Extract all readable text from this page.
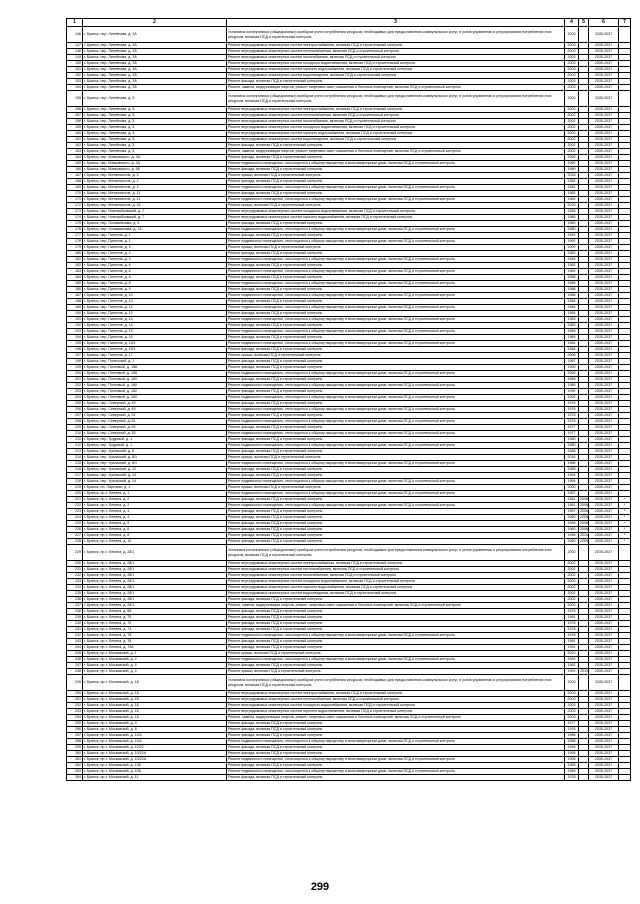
1	2	3	4	5	6	7
146	г. Брянск, пер. Литейнова, д. 3А	Установка коллективных (общедомовых) приборов учета потребления ресурсов, необходимых для предоставления коммунальных услуг, и узлов управления и регулирования потребления этих ресурсов, включая ПСД и строительный контроль	2003		2035-2037	
147	г. Брянск, пер. Литейнова, д. 3А	Ремонт внутридомовых инженерных систем электроснабжения, включая ПСД и строительный контроль	2003		2035-2037	
148	г. Брянск, пер. Литейнова, д. 3А	Ремонт внутридомовых инженерных систем теплоснабжения, включая ПСД и строительный контроль	2003		2035-2037	
149	г. Брянск, пер. Литейнова, д. 3А	Ремонт внутридомовых инженерных систем газоснабжения, включая ПСД и строительный контроль	2003		2035-2037	
150	г. Брянск, пер. Литейнова, д. 3А	Ремонт внутридомовых инженерных систем холодного водоснабжения, включая ПСД и строительный контроль	2003		2035-2037	
151	г. Брянск, пер. Литейнова, д. 3А	Ремонт внутридомовых инженерных систем горячего водоснабжения, включая ПСД и строительный контроль	2003		2035-2037	
152	г. Брянск, пер. Литейнова, д. 3А	Ремонт внутридомовых инженерных систем водоотведения, включая ПСД и строительный контроль	2003		2035-2037	
153	г. Брянск, пер. Литейнова, д. 3А	Ремонт фасада, включая ПСД и строительный контроль	2003		2035-2037	
154	г. Брянск, пер. Литейнова, д. 3А	Ремонт, замена, модернизация лифтов, ремонт лифтовых шахт, машинных и блочных помещений, включая ПСД и строительный контроль	2003		2035-2037	
155	г. Брянск, пер. Литейнова, д. 5	Установка коллективных (общедомовых) приборов учета потребления ресурсов, необходимых для предоставления коммунальных услуг, и узлов управления и регулирования потребления этих ресурсов, включая ПСД и строительный контроль	2002		2035-2037	
156	г. Брянск, пер. Литейнова, д. 5	Ремонт внутридомовых инженерных систем электроснабжения, включая ПСД и строительный контроль	2002		2035-2037	
157	г. Брянск, пер. Литейнова, д. 5	Ремонт внутридомовых инженерных систем теплоснабжения, включая ПСД и строительный контроль	2002		2035-2037	
158	г. Брянск, пер. Литейнова, д. 5	Ремонт внутридомовых инженерных систем газоснабжения, включая ПСД и строительный контроль	2002		2035-2037	
159	г. Брянск, пер. Литейнова, д. 5	Ремонт внутридомовых инженерных систем холодного водоснабжения, включая ПСД и строительный контроль	2002		2035-2037	
160	г. Брянск, пер. Литейнова, д. 5	Ремонт внутридомовых инженерных систем горячего водоснабжения, включая ПСД и строительный контроль	2002		2035-2037	
161	г. Брянск, пер. Литейнова, д. 5	Ремонт внутридомовых инженерных систем водоотведения, включая ПСД и строительный контроль	2002		2035-2037	
162	г. Брянск, пер. Литейнова, д. 5	Ремонт фасада, включая ПСД и строительный контроль	2002		2035-2037	
163	г. Брянск, пер. Литейнова, д. 5	Ремонт, замена, модернизация лифтов, ремонт лифтовых шахт, машинных и блочных помещений, включая ПСД и строительный контроль	2002		2035-2037	
164	г. Брянск, пер. Маяковского, д. 3А	Ремонт фасада, включая ПСД и строительный контроль	1990		2035-2037	
165	г. Брянск, пер. Маяковского, д. 3А	Ремонт подвального помещения, относящегося к общему имуществу в многоквартирном доме, включая ПСД и строительный контроль	1990		2035-2037	
166	г. Брянск, пер. Маяковского, д. 6Б	Ремонт фасада, включая ПСД и строительный контроль	1989		2035-2037	
167	г. Брянск, пер. Металлистов, д. 3	Ремонт крыши, включая ПСД и строительный контроль	2016		2035-2037	
168	г. Брянск, пер. Металлистов, д. 3	Ремонт фасада, включая ПСД и строительный контроль	1982		2035-2037	
169	г. Брянск, пер. Металлистов, д. 3	Ремонт подвального помещения, относящегося к общему имуществу в многоквартирном доме, включая ПСД и строительный контроль	1982		2035-2037	
170	г. Брянск, пер. Металлистов, д. 11	Ремонт фасада, включая ПСД и строительный контроль	1982		2035-2037	
171	г. Брянск, пер. Металлистов, д. 11	Ремонт подвального помещения, относящегося к общему имуществу в многоквартирном доме, включая ПСД и строительный контроль	1982		2035-2037	
172	г. Брянск, пер. Металлистов, д. 16	Ремонт крыши, включая ПСД и строительный контроль	2015		2035-2037	
173	г. Брянск, пер. Новозыбковский, д. 7	Ремонт внутридомовых инженерных систем холодного водоснабжения, включая ПСД и строительный контроль	1985		2035-2037	
174	г. Брянск, пер. Новозыбковский, д. 7	Ремонт внутридомовых инженерных систем горячего водоснабжения, включая ПСД и строительный контроль	1985		2035-2037	
175	г. Брянск, пер. Осоавиахима, д. 5	Ремонт фасада, включая ПСД и строительный контроль	1980		2035-2037	
176	г. Брянск, пер. Осоавиахима, д. 7А	Ремонт подвального помещения, относящегося к общему имуществу в многоквартирном доме, включая ПСД и строительный контроль	1980		2035-2037	
177	г. Брянск, пер. Пилотов, д. 1	Ремонт фасада, включая ПСД и строительный контроль	1992		2035-2037	
178	г. Брянск, пер. Пилотов, д. 1	Ремонт подвального помещения, относящегося к общему имуществу в многоквартирном доме, включая ПСД и строительный контроль	1992		2035-2037	
179	г. Брянск, пер. Пилотов, д. 3	Ремонт крыши, включая ПСД и строительный контроль	2009		2035-2037	
180	г. Брянск, пер. Пилотов, д. 4	Ремонт фасада, включая ПСД и строительный контроль	1983		2035-2037	
181	г. Брянск, пер. Пилотов, д. 4	Ремонт подвального помещения, относящегося к общему имуществу в многоквартирном доме, включая ПСД и строительный контроль	1983		2035-2037	
182	г. Брянск, пер. Пилотов, д. 6	Ремонт фасада, включая ПСД и строительный контроль	1982		2035-2037	
183	г. Брянск, пер. Пилотов, д. 6	Ремонт подвального помещения, относящегося к общему имуществу в многоквартирном доме, включая ПСД и строительный контроль	1982		2035-2037	
184	г. Брянск, пер. Пилотов, д. 8	Ремонт фасада, включая ПСД и строительный контроль	1986		2035-2037	
185	г. Брянск, пер. Пилотов, д. 8	Ремонт подвального помещения, относящегося к общему имуществу в многоквартирном доме, включая ПСД и строительный контроль	1986		2035-2037	
186	г. Брянск, пер. Пилотов, д. 9	Ремонт фасада, включая ПСД и строительный контроль	1986		2035-2037	
187	г. Брянск, пер. Пилотов, д. 10	Ремонт подвального помещения, относящегося к общему имуществу в многоквартирном доме, включая ПСД и строительный контроль	1986		2035-2037	
188	г. Брянск, пер. Пилотов, д. 10	Ремонт фасада, включая ПСД и строительный контроль	1984		2035-2037	
189	г. Брянск, пер. Пилотов, д. 12	Ремонт подвального помещения, относящегося к общему имуществу в многоквартирном доме, включая ПСД и строительный контроль	1984		2035-2037	
190	г. Брянск, пер. Пилотов, д. 12	Ремонт фасада, включая ПСД и строительный контроль	1984		2035-2037	
191	г. Брянск, пер. Пилотов, д. 14	Ремонт подвального помещения, относящегося к общему имуществу в многоквартирном доме, включая ПСД и строительный контроль	1983		2035-2037	
192	г. Брянск, пер. Пилотов, д. 14	Ремонт фасада, включая ПСД и строительный контроль	1983		2035-2037	
193	г. Брянск, пер. Пилотов, д. 15	Ремонт подвального помещения, относящегося к общему имуществу в многоквартирном доме, включая ПСД и строительный контроль	1989		2035-2037	
194	г. Брянск, пер. Пилотов, д. 15	Ремонт фасада, включая ПСД и строительный контроль	1989		2035-2037	
195	г. Брянск, пер. Пилотов, д. 15/1	Ремонт подвального помещения, относящегося к общему имуществу в многоквартирном доме, включая ПСД и строительный контроль	1984		2035-2037	
196	г. Брянск, пер. Пилотов, д. 15/1	Ремонт фасада, включая ПСД и строительный контроль	1984		2035-2037	
197	г. Брянск, пер. Пилотов, д. 17	Ремонт крыши, включая ПСД и строительный контроль	2008		2035-2037	
198	г. Брянск, пер. Полесский, д. 1	Ремонт фасада, включая ПСД и строительный контроль	1987		2035-2037	
199	г. Брянск, пер. Почтовый, д. 158	Ремонт фасада, включая ПСД и строительный контроль	1990		2035-2037	
200	г. Брянск, пер. Почтовый, д. 158	Ремонт подвального помещения, относящегося к общему имуществу в многоквартирном доме, включая ПСД и строительный контроль	1990		2035-2037	
201	г. Брянск, пер. Почтовый, д. 160	Ремонт фасада, включая ПСД и строительный контроль	1989		2035-2037	
202	г. Брянск, пер. Почтовый, д. 160	Ремонт подвального помещения, относящегося к общему имуществу в многоквартирном доме, включая ПСД и строительный контроль	1989		2035-2037	
203	г. Брянск, пер. Почтовый, д. 162	Ремонт фасада, включая ПСД и строительный контроль	1992		2035-2037	
204	г. Брянск, пер. Почтовый, д. 162	Ремонт подвального помещения, относящегося к общему имуществу в многоквартирном доме, включая ПСД и строительный контроль	1992		2035-2037	
205	г. Брянск, пер. Северный, д. 49	Ремонт фасада, включая ПСД и строительный контроль	1976		2035-2037	
206	г. Брянск, пер. Северный, д. 49	Ремонт подвального помещения, относящегося к общему имуществу в многоквартирном доме, включая ПСД и строительный контроль	1976		2035-2037	
207	г. Брянск, пер. Северный, д. 51	Ремонт фасада, включая ПСД и строительный контроль	1976		2035-2037	
208	г. Брянск, пер. Северный, д. 51	Ремонт подвального помещения, относящегося к общему имуществу в многоквартирном доме, включая ПСД и строительный контроль	1976		2035-2037	
209	г. Брянск, пер. Северный, д. 53	Ремонт фасада, включая ПСД и строительный контроль	1977		2035-2037	
210	г. Брянск, пер. Северный, д. 53	Ремонт подвального помещения, относящегося к общему имуществу в многоквартирном доме, включая ПСД и строительный контроль	1977		2035-2037	
211	г. Брянск, пер. Трудовой, д. 1	Ремонт фасада, включая ПСД и строительный контроль	1980		2035-2037	
212	г. Брянск, пер. Трудовой, д. 1	Ремонт подвального помещения, относящегося к общему имуществу в многоквартирном доме, включая ПСД и строительный контроль	1980		2035-2037	
213	г. Брянск, пер. Уральский, д. 8	Ремонт фасада, включая ПСД и строительный контроль	1986		2035-2037	
214	г. Брянск, пер. Уральский, д. 8/1	Ремонт крыши, включая ПСД и строительный контроль	2016		2035-2037	
215	г. Брянск, пер. Уральский, д. 8/1	Ремонт подвального помещения, относящегося к общему имуществу в многоквартирном доме, включая ПСД и строительный контроль	1986		2035-2037	
216	г. Брянск, пер. Уральский, д. 12	Ремонт фасада, включая ПСД и строительный контроль	1985		2035-2037	
217	г. Брянск, пер. Уральский, д. 14	Ремонт фасада, включая ПСД и строительный контроль	1994		2035-2037	
218	г. Брянск, пер. Уральский, д. 14	Ремонт подвального помещения, относящегося к общему имуществу в многоквартирном доме, включая ПСД и строительный контроль	1994		2035-2037	
219	г. Брянск, пл. Партизан, д. 1	Ремонт крыши, включая ПСД и строительный контроль	2000		2035-2037	
220	г. Брянск, пр-т. Ленина, д. 1	Ремонт подвального помещения, относящегося к общему имуществу в многоквартирном доме, включая ПСД и строительный контроль	1967		2035-2037	
221	г. Брянск, пр-т. Ленина, д. 2	Ремонт фасада, включая ПСД и строительный контроль	1961	2006	2035-2037	*
222	г. Брянск, пр-т. Ленина, д. 2	Ремонт подвального помещения, относящегося к общему имуществу в многоквартирном доме, включая ПСД и строительный контроль	1961	2006	2035-2037	*
223	г. Брянск, пр-т. Ленина, д. 3	Ремонт фасада, включая ПСД и строительный контроль	1957	2006	2035-2037	*
224	г. Брянск, пр-т. Ленина, д. 4	Ремонт фасада, включая ПСД и строительный контроль	1960	2006	2035-2037	*
225	г. Брянск, пр-т. Ленина, д. 5	Ремонт фасада, включая ПСД и строительный контроль	1955	2006	2035-2037	*
226	г. Брянск, пр-т. Ленина, д. 6	Ремонт фасада, включая ПСД и строительный контроль	1960	2006	2035-2037	*
227	г. Брянск, пр-т. Ленина, д. 8	Ремонт фасада, включая ПСД и строительный контроль	1958	2010	2035-2037	*
228	г. Брянск, пр-т. Ленина, д. 10	Ремонт фасада, включая ПСД и строительный контроль	1960	2009	2035-2037	*
229	г. Брянск, пр-т. Ленина, д. 28/1	Установка коллективных (общедомовых) приборов учета потребления ресурсов, необходимых для предоставления коммунальных услуг, и узлов управления и регулирования потребления этих ресурсов, включая ПСД и строительный контроль	2002		2035-2037	
230	г. Брянск, пр-т. Ленина, д. 28/1	Ремонт внутридомовых инженерных систем электроснабжения, включая ПСД и строительный контроль	2002		2035-2037	
231	г. Брянск, пр-т. Ленина, д. 28/1	Ремонт внутридомовых инженерных систем теплоснабжения, включая ПСД и строительный контроль	2002		2035-2037	
232	г. Брянск, пр-т. Ленина, д. 28/1	Ремонт внутридомовых инженерных систем газоснабжения, включая ПСД и строительный контроль	2002		2035-2037	
233	г. Брянск, пр-т. Ленина, д. 28/1	Ремонт внутридомовых инженерных систем холодного водоснабжения, включая ПСД и строительный контроль	2002		2035-2037	
234	г. Брянск, пр-т. Ленина, д. 28/1	Ремонт внутридомовых инженерных систем горячего водоснабжения, включая ПСД и строительный контроль	2002		2035-2037	
235	г. Брянск, пр-т. Ленина, д. 28/1	Ремонт внутридомовых инженерных систем водоотведения, включая ПСД и строительный контроль	2002		2035-2037	
236	г. Брянск, пр-т. Ленина, д. 28/1	Ремонт фасада, включая ПСД и строительный контроль	2002		2035-2037	
237	г. Брянск, пр-т. Ленина, д. 28/1	Ремонт, замена, модернизация лифтов, ремонт лифтовых шахт, машинных и блочных помещений, включая ПСД и строительный контроль	2002		2035-2037	
238	г. Брянск, пр-т. Ленина, д. 68	Ремонт фасада, включая ПСД и строительный контроль	1975		2035-2037	
239	г. Брянск, пр-т. Ленина, д. 70	Ремонт фасада, включая ПСД и строительный контроль	1981		2035-2037	
240	г. Брянск, пр-т. Ленина, д. 72	Ремонт фасада, включая ПСД и строительный контроль	1978		2035-2037	
241	г. Брянск, пр-т. Ленина, д. 74	Ремонт фасада, включая ПСД и строительный контроль	1978		2035-2037	
242	г. Брянск, пр-т. Ленина, д. 78	Ремонт подвального помещения, относящегося к общему имуществу в многоквартирном доме, включая ПСД и строительный контроль	1978		2035-2037	
243	г. Брянск, пр-т. Ленина, д. 78	Ремонт фасада, включая ПСД и строительный контроль	1981		2035-2037	
244	г. Брянск, пр-т. Ленина, д. 79А	Ремонт фасада, включая ПСД и строительный контроль	1991		2035-2037	
245	г. Брянск, пр-т. Московский, д. 1	Ремонт крыши, включая ПСД и строительный контроль	2010		2035-2037	
246	г. Брянск, пр-т. Московский, д. 2	Ремонт подвального помещения, относящегося к общему имуществу в многоквартирном доме, включая ПСД и строительный контроль	1992		2035-2037	
247	г. Брянск, пр-т. Московский, д. 4	Ремонт фасада, включая ПСД и строительный контроль	1982		2035-2037	
248	г. Брянск, пр-т. Московский, д. 4	Ремонт крыши, включая ПСД и строительный контроль	1992	2013	2035-2037	
249	г. Брянск, пр-т. Московский, д. 1Б	Установка коллективных (общедомовых) приборов учета потребления ресурсов, необходимых для предоставления коммунальных услуг, и узлов управления и регулирования потребления этих ресурсов, включая ПСД и строительный контроль	2003		2035-2037	
250	г. Брянск, пр-т. Московский, д. 1Б	Ремонт внутридомовых инженерных систем электроснабжения, включая ПСД и строительный контроль	2003		2035-2037	
251	г. Брянск, пр-т. Московский, д. 1Б	Ремонт внутридомовых инженерных систем теплоснабжения, включая ПСД и строительный контроль	2003		2035-2037	
252	г. Брянск, пр-т. Московский, д. 1Б	Ремонт внутридомовых инженерных систем холодного водоснабжения, включая ПСД и строительный контроль	2003		2035-2037	
253	г. Брянск, пр-т. Московский, д. 1Б	Ремонт внутридомовых инженерных систем горячего водоснабжения, включая ПСД и строительный контроль	2003		2035-2037	
254	г. Брянск, пр-т. Московский, д. 1Б	Ремонт, замена, модернизация лифтов, ремонт лифтовых шахт, машинных и блочных помещений, включая ПСД и строительный контроль	2003		2035-2037	
255	г. Брянск, пр-т. Московский, д. 3	Ремонт фасада, включая ПСД и строительный контроль	1977		2035-2037	
256	г. Брянск, пр-т. Московский, д. 8	Ремонт фасада, включая ПСД и строительный контроль	1976		2035-2037	
257	г. Брянск, пр-т. Московский, д. 10/4	Ремонт фасада, включая ПСД и строительный контроль	1986		2035-2037	
258	г. Брянск, пр-т. Московский, д. 10/4	Ремонт подвального помещения, относящегося к общему имуществу в многоквартирном доме, включая ПСД и строительный контроль	1986		2035-2037	
259	г. Брянск, пр-т. Московский, д. 10/22	Ремонт фасада, включая ПСД и строительный контроль	1995		2035-2037	
260	г. Брянск, пр-т. Московский, д. 10/22А	Ремонт фасада, включая ПСД и строительный контроль	1995		2035-2037	
261	г. Брянск, пр-т. Московский, д. 10/22А	Ремонт подвального помещения, относящегося к общему имуществу в многоквартирном доме, включая ПСД и строительный контроль	1995		2035-2037	
262	г. Брянск, пр-т. Московский, д. 10Б	Ремонт фасада, включая ПСД и строительный контроль	1989		2035-2037	
263	г. Брянск, пр-т. Московский, д. 10Б	Ремонт подвального помещения, относящегося к общему имуществу в многоквартирном доме, включая ПСД и строительный контроль	1989		2035-2037	
264	г. Брянск, пр-т. Московский, д. 11	Ремонт фасада, включая ПСД и строительный контроль	1978		2035-2037	
299
